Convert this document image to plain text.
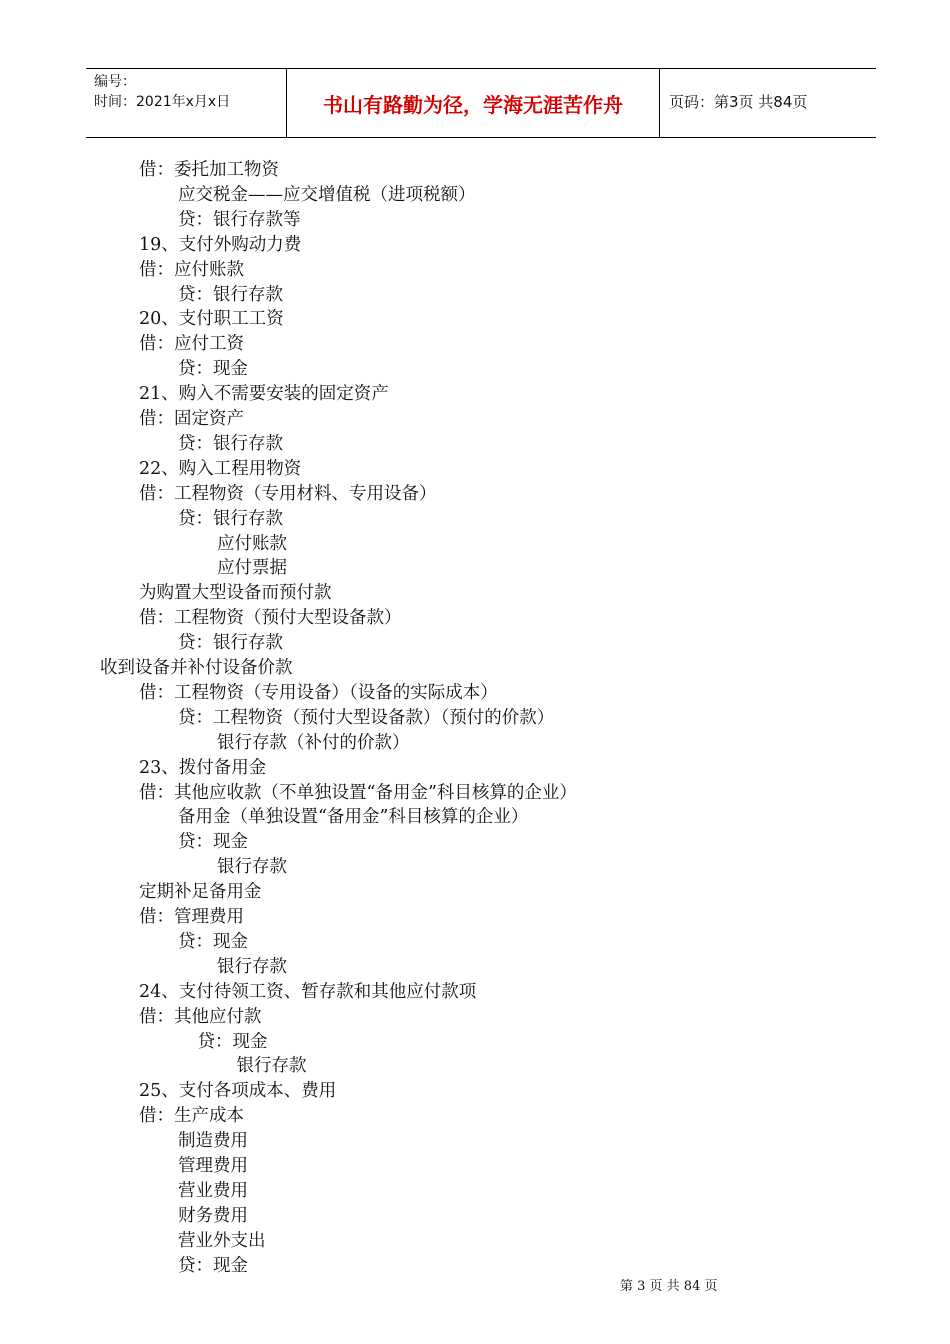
编号：
时间：2021年x月x日	书山有路勤为径，学海无涯苦作舟	页码：第3页 共84页
借：委托加工物资
应交税金——应交增值税（进项税额）
贷：银行存款等
19、支付外购动力费
借：应付账款
贷：银行存款
20、支付职工工资
借：应付工资
贷：现金
21、购入不需要安装的固定资产
借：固定资产
贷：银行存款
22、购入工程用物资
借：工程物资（专用材料、专用设备）
贷：银行存款
应付账款
应付票据
为购置大型设备而预付款
借：工程物资（预付大型设备款）
贷：银行存款
收到设备并补付设备价款
借：工程物资（专用设备）（设备的实际成本）
贷：工程物资（预付大型设备款）（预付的价款）
银行存款（补付的价款）
23、拨付备用金
借：其他应收款（不单独设置“备用金”科目核算的企业）
备用金（单独设置“备用金”科目核算的企业）
贷：现金
银行存款
定期补足备用金
借：管理费用
贷：现金
银行存款
24、支付待领工资、暂存款和其他应付款项
借：其他应付款
贷：现金
银行存款
25、支付各项成本、费用
借：生产成本
制造费用
管理费用
营业费用
财务费用
营业外支出
贷：现金
第 3 页 共 84 页
